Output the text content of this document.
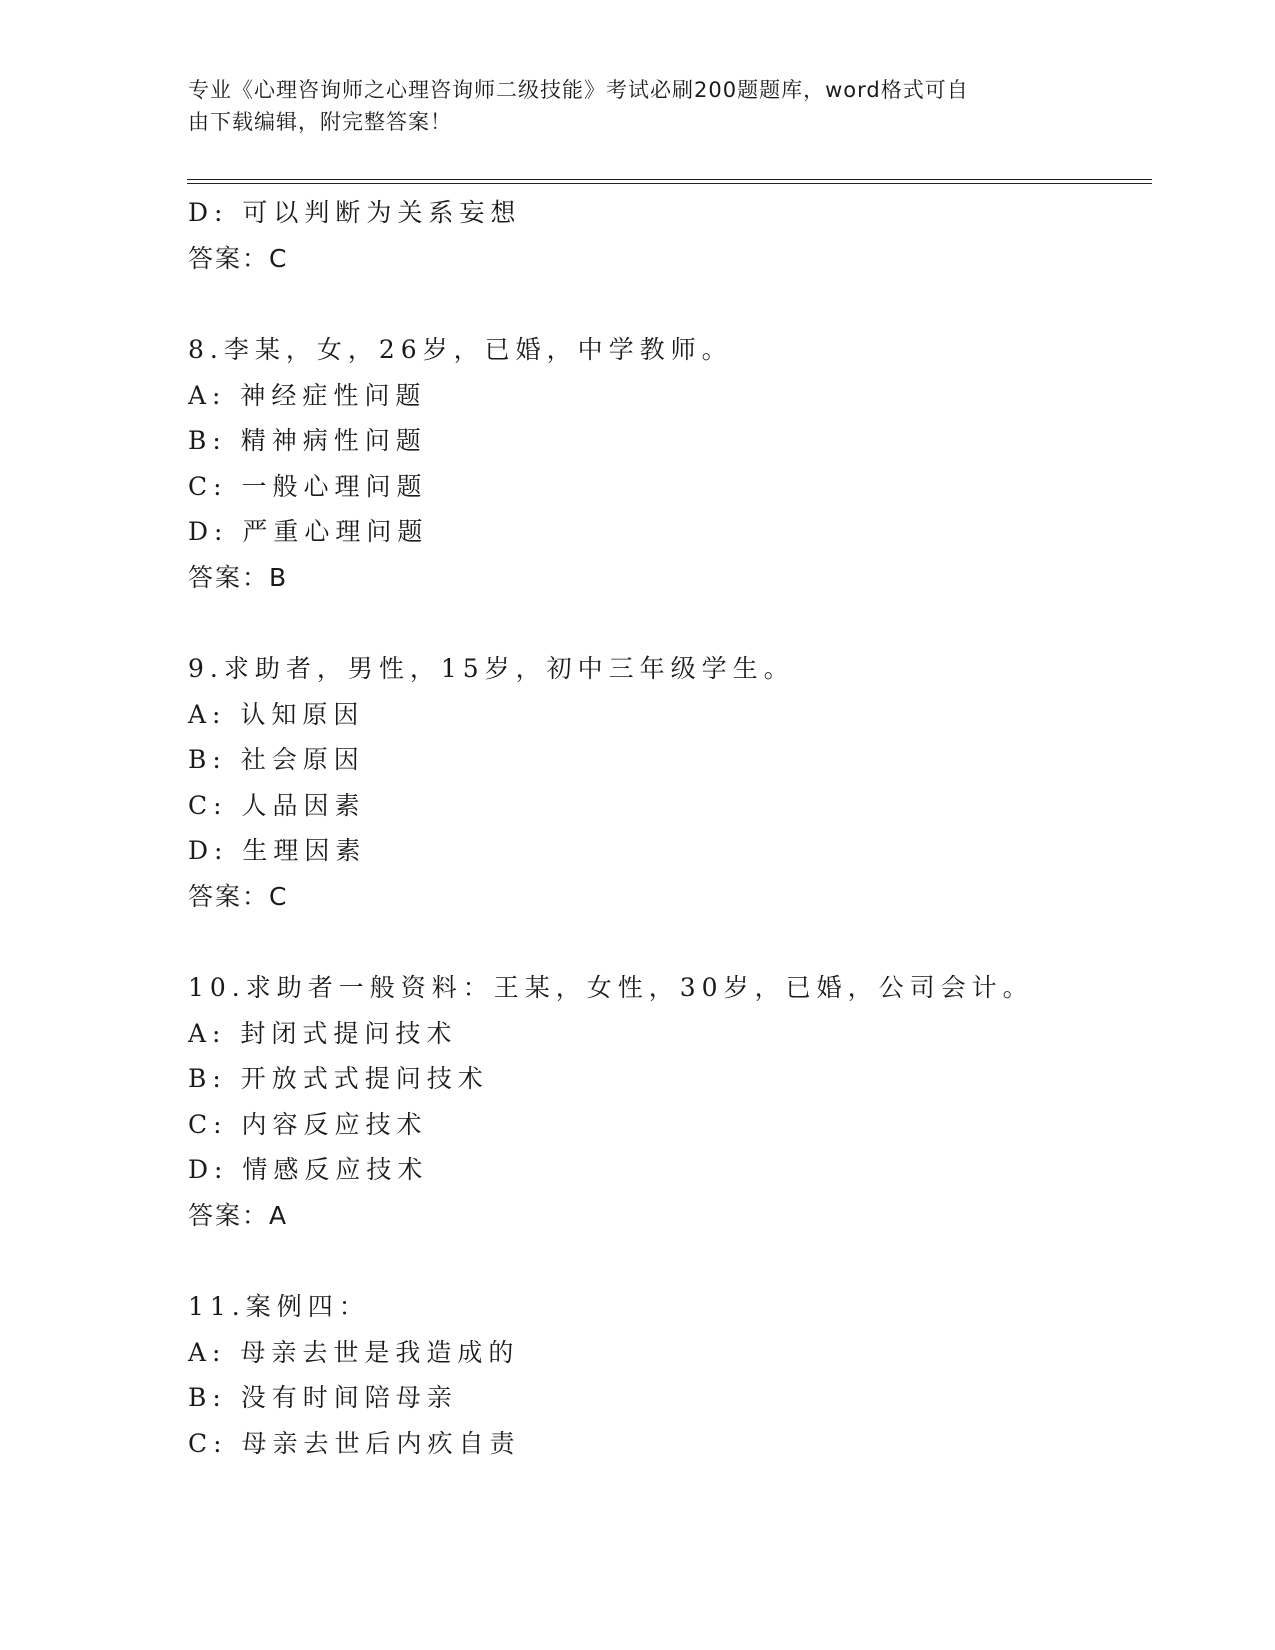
专业《心理咨询师之心理咨询师二级技能》考试必刷200题题库，word格式可自
由下载编辑，附完整答案！
D: 可以判断为关系妄想
答案：C
8.李某，女，26岁，已婚，中学教师。
A: 神经症性问题
B: 精神病性问题
C: 一般心理问题
D: 严重心理问题
答案：B
9.求助者，男性，15岁，初中三年级学生。
A: 认知原因
B: 社会原因
C: 人品因素
D: 生理因素
答案：C
10.求助者一般资料：王某，女性，30岁，已婚，公司会计。
A: 封闭式提问技术
B: 开放式式提问技术
C: 内容反应技术
D: 情感反应技术
答案：A
11.案例四：
A: 母亲去世是我造成的
B: 没有时间陪母亲
C: 母亲去世后内疚自责
